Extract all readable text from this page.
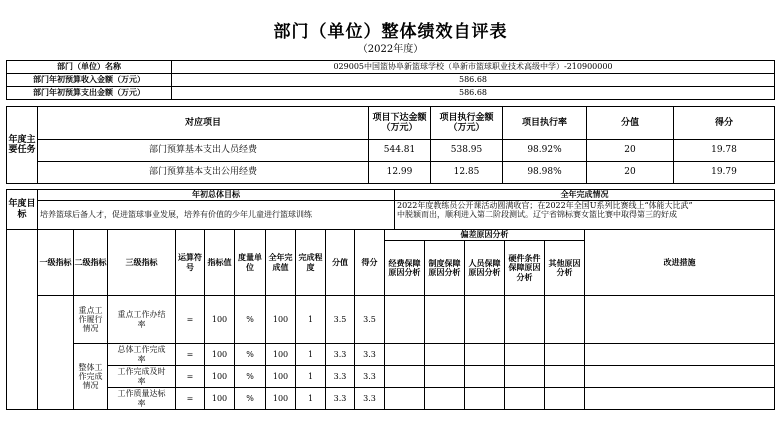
部门（单位）整体绩效自评表
（2022年度）
部门（单位）名称	029005中国篮协阜新篮球学校（阜新市篮球职业技术高级中学）-210900000
部门年初预算收入金额（万元）	586.68
部门年初预算支出金额（万元）	586.68
年度主要任务	对应项目	项目下达金额（万元）	项目执行金额（万元）	项目执行率	分值	得分
	部门预算基本支出人员经费	544.81	538.95	98.92%	20	19.78
	部门预算基本支出公用经费	12.99	12.85	98.98%	20	19.79
年度目标	年初总体目标	全年完成情况
	培养篮球后备人才，促进篮球事业发展，培养有价值的少年儿童进行篮球训练	2022年度教练员公开课活动圆满收官；在2022年全国U系列比赛线上“体能大比武”
中脱颖而出，顺利进入第二阶段测试。辽宁省锦标赛女篮比赛中取得第三的好成
	一级指标	二级指标	三级指标	运算符号	指标值	度量单位	全年完成值	完成程度	分值	得分	偏差原因分析					改进措施
											经费保障原因分析	制度保障原因分析	人员保障原因分析	硬件条件保障原因分析	其他原因分析	
		重点工作履行情况	重点工作办结率	=	100	%	100	1	3.5	3.5						
		整体工作完成情况	总体工作完成率	=	100	%	100	1	3.3	3.3						
			工作完成及时率	=	100	%	100	1	3.3	3.3						
			工作质量达标率	=	100	%	100	1	3.3	3.3						
